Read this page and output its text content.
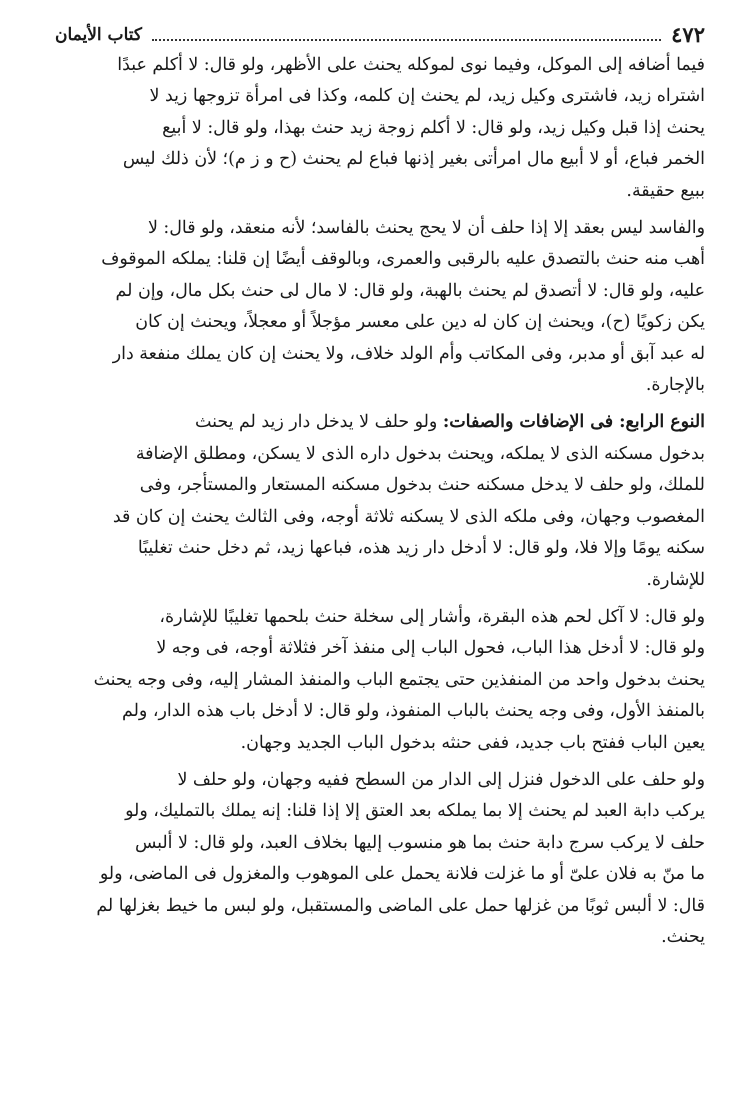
٤٧٢
كتاب الأيمان
فيما أضافه إلى الموكل، وفيما نوى لموكله يحنث على الأظهر، ولو قال: لا أكلم عبدًا
اشتراه زيد، فاشترى وكيل زيد، لم يحنث إن كلمه، وكذا فى امرأة تزوجها زيد لا
يحنث إذا قبل وكيل زيد، ولو قال: لا أكلم زوجة زيد حنث بهذا، ولو قال: لا أبيع
الخمر فباع، أو لا أبيع مال امرأتى بغير إذنها فباع لم يحنث (ح و ز م)؛ لأن ذلك ليس
ببيع حقيقة.
والفاسد ليس بعقد إلا إذا حلف أن لا يحج يحنث بالفاسد؛ لأنه منعقد، ولو قال: لا
أهب منه حنث بالتصدق عليه بالرقبى والعمرى، وبالوقف أيضًا إن قلنا: يملكه الموقوف
عليه، ولو قال: لا أتصدق لم يحنث بالهبة، ولو قال: لا مال لى حنث بكل مال، وإن لم
يكن زكويًا (ح)، ويحنث إن كان له دين على معسر مؤجلاً أو معجلاً، ويحنث إن كان
له عبد آبق أو مدبر، وفى المكاتب وأم الولد خلاف، ولا يحنث إن كان يملك منفعة دار
بالإجارة.
النوع الرابع: فى الإضافات والصفات: ولو حلف لا يدخل دار زيد لم يحنث
بدخول مسكنه الذى لا يملكه، ويحنث بدخول داره الذى لا يسكن، ومطلق الإضافة
للملك، ولو حلف لا يدخل مسكنه حنث بدخول مسكنه المستعار والمستأجر، وفى
المغصوب وجهان، وفى ملكه الذى لا يسكنه ثلاثة أوجه، وفى الثالث يحنث إن كان قد
سكنه يومًا وإلا فلا، ولو قال: لا أدخل دار زيد هذه، فباعها زيد، ثم دخل حنث تغليبًا
للإشارة.
ولو قال: لا آكل لحم هذه البقرة، وأشار إلى سخلة حنث بلحمها تغليبًا للإشارة،
ولو قال: لا أدخل هذا الباب، فحول الباب إلى منفذ آخر فثلاثة أوجه، فى وجه لا
يحنث بدخول واحد من المنفذين حتى يجتمع الباب والمنفذ المشار إليه، وفى وجه يحنث
بالمنفذ الأول، وفى وجه يحنث بالباب المنفوذ، ولو قال: لا أدخل باب هذه الدار، ولم
يعين الباب ففتح باب جديد، ففى حنثه بدخول الباب الجديد وجهان.
ولو حلف على الدخول فنزل إلى الدار من السطح ففيه وجهان، ولو حلف لا
يركب دابة العبد لم يحنث إلا بما يملكه بعد العتق إلا إذا قلنا: إنه يملك بالتمليك، ولو
حلف لا يركب سرج دابة حنث بما هو منسوب إليها بخلاف العبد، ولو قال: لا ألبس
ما منّ به فلان علىّ أو ما غزلت فلانة يحمل على الموهوب والمغزول فى الماضى، ولو
قال: لا ألبس ثوبًا من غزلها حمل على الماضى والمستقبل، ولو لبس ما خيط بغزلها لم
يحنث.
